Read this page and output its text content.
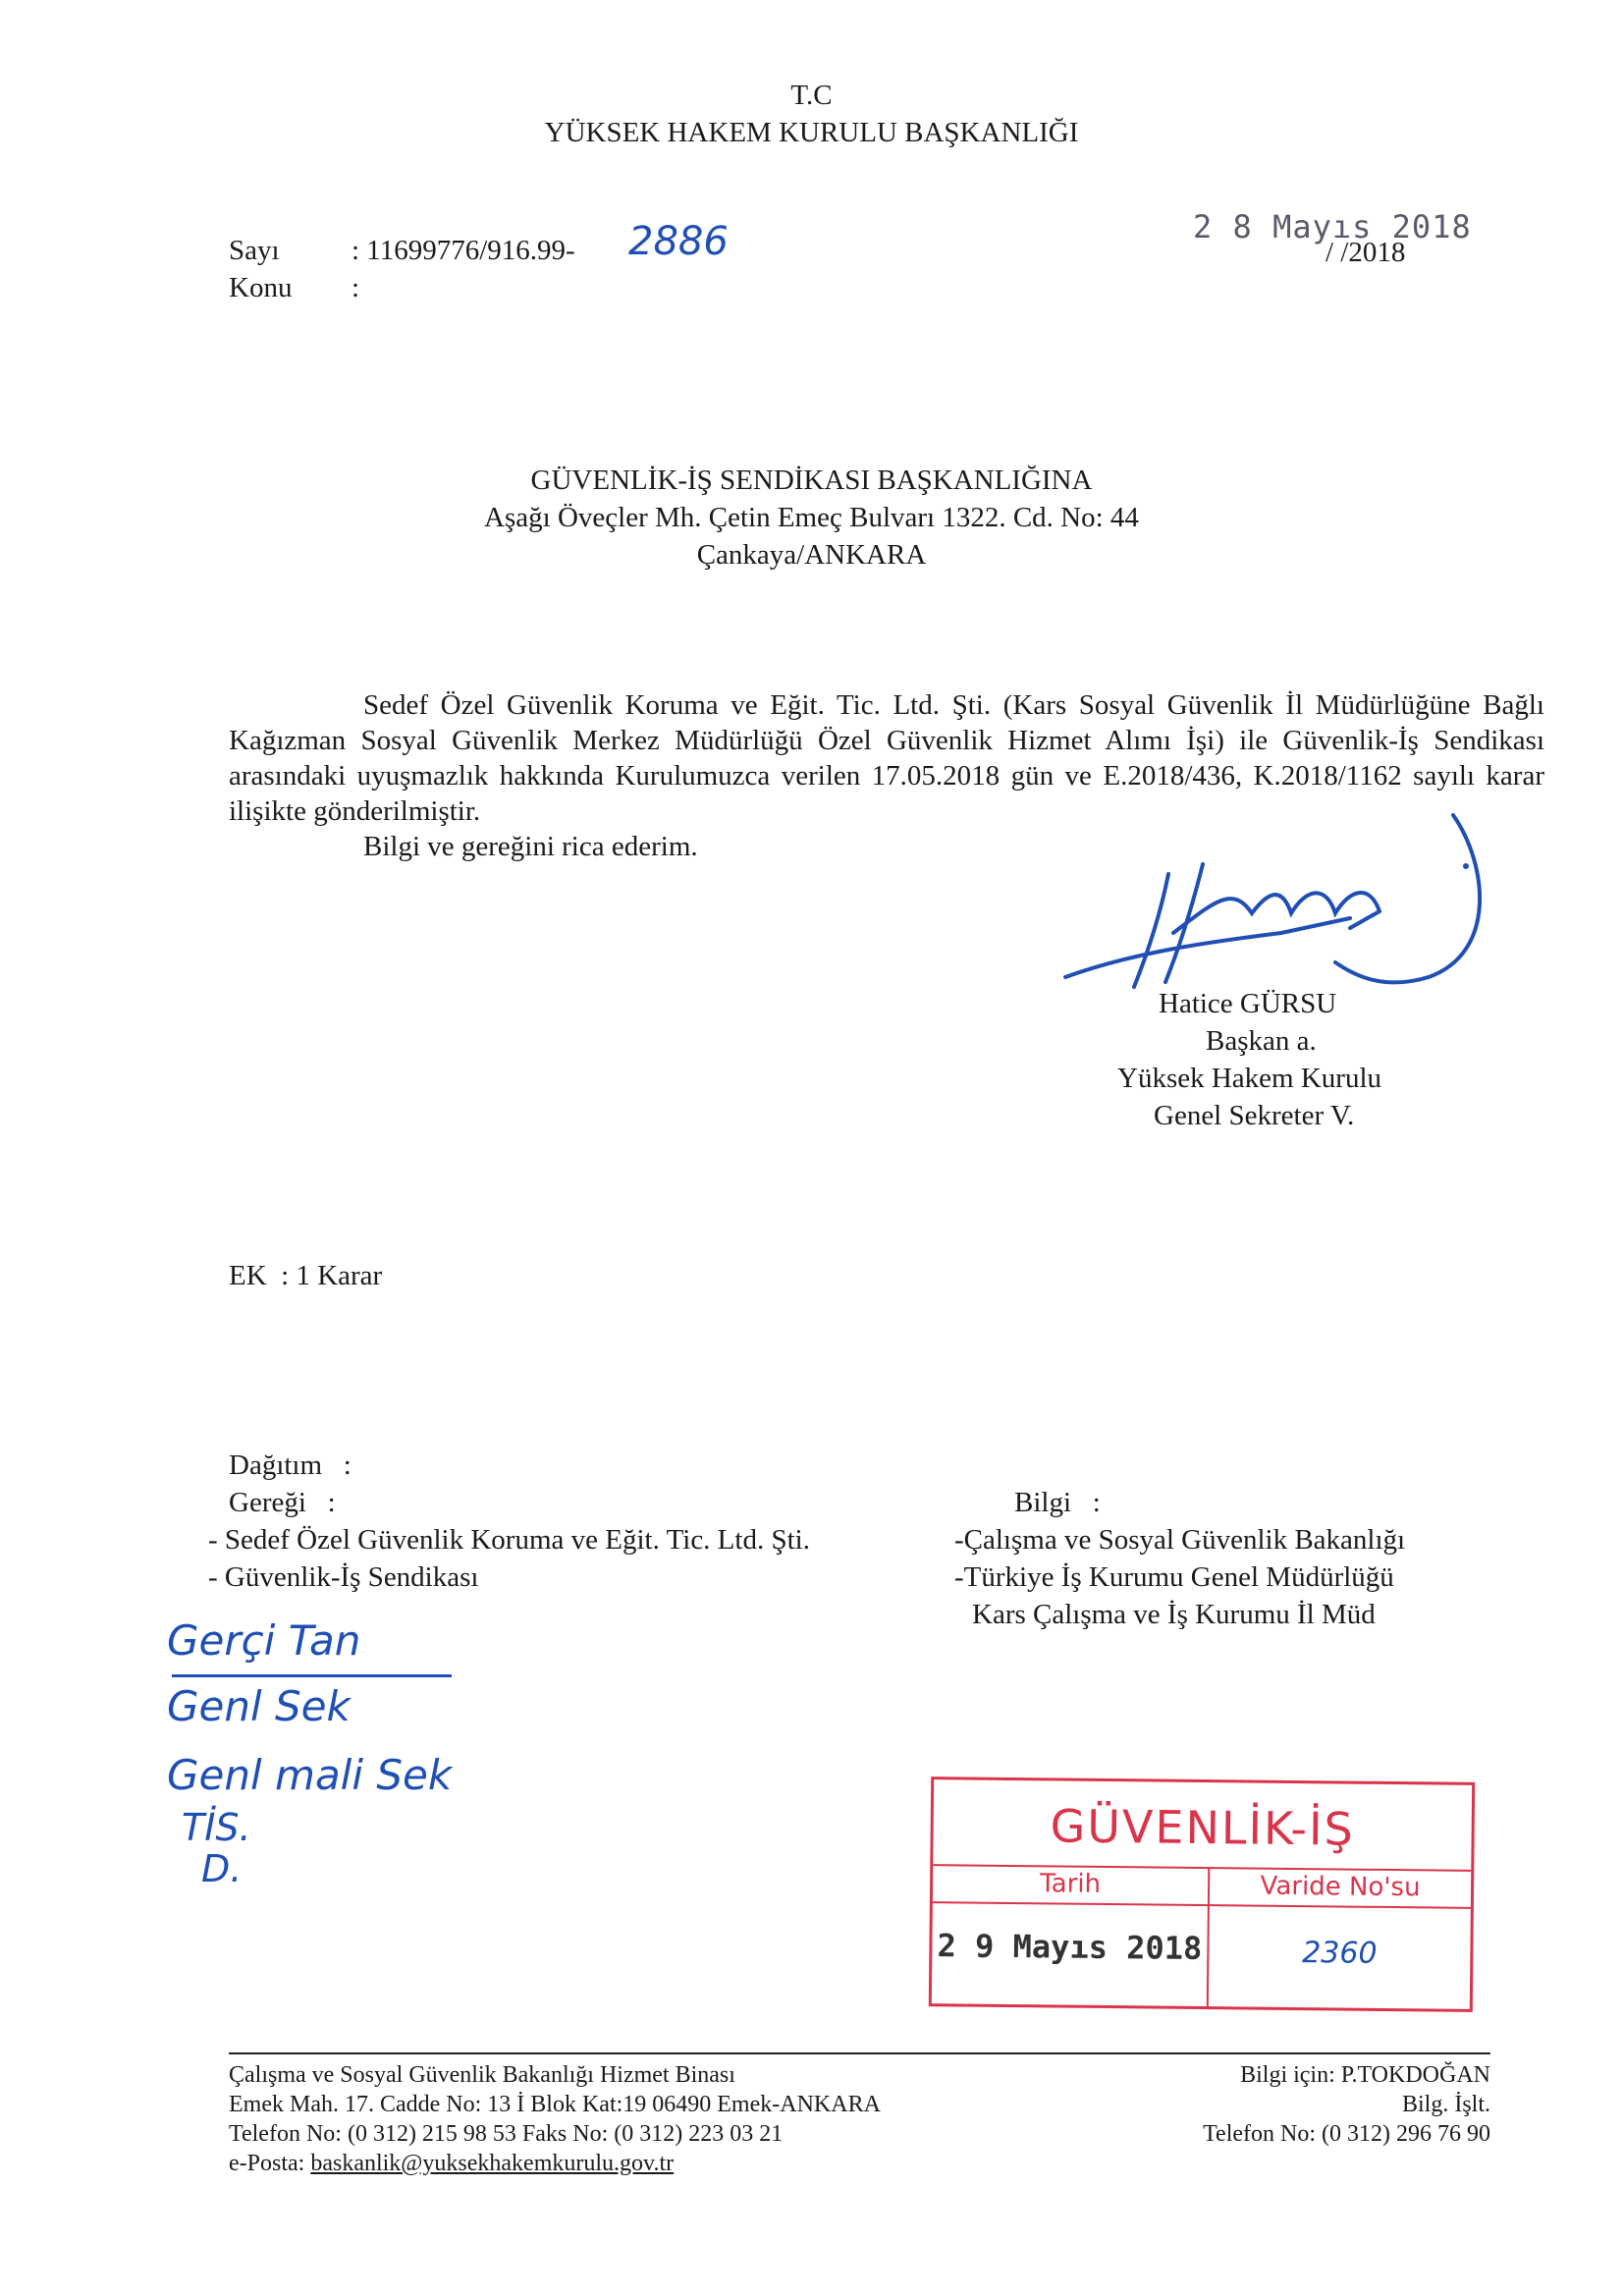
T.C
YÜKSEK HAKEM KURULU BAŞKANLIĞI
Sayı	: 11699776/916.99- 2886
Konu :
2 8 Mayıs 2018
/ /2018
GÜVENLİK-İŞ SENDİKASI BAŞKANLIĞINA
Aşağı Öveçler Mh. Çetin Emeç Bulvarı 1322. Cd. No: 44
Çankaya/ANKARA

Sedef Özel Güvenlik Koruma ve Eğit. Tic. Ltd. Şti. (Kars Sosyal Güvenlik İl Müdürlüğüne Bağlı Kağızman Sosyal Güvenlik Merkez Müdürlüğü Özel Güvenlik Hizmet Alımı İşi) ile Güvenlik-İş Sendikası arasındaki uyuşmazlık hakkında Kurulumuzca verilen 17.05.2018 gün ve E.2018/436, K.2018/1162 sayılı karar ilişikte gönderilmiştir.

Bilgi ve gereğini rica ederim.

Hatice GÜRSU
Başkan a.
Yüksek Hakem Kurulu
Genel Sekreter V.
EK  : 1 Karar
Dağıtım   :
Gereği   :
- Sedef Özel Güvenlik Koruma ve Eğit. Tic. Ltd. Şti.
- Güvenlik-İş Sendikası
Bilgi   :
-Çalışma ve Sosyal Güvenlik Bakanlığı
-Türkiye İş Kurumu Genel Müdürlüğü
Kars Çalışma ve İş Kurumu İl Müd
Gerçi Tan
Genl Sek
Genl mali Sek
TİS.
D.
GÜVENLİK-İŞ
Tarih	Varide No'su
2 9 Mayıs 2018	2360
Çalışma ve Sosyal Güvenlik Bakanlığı Hizmet Binası
Emek Mah. 17. Cadde No: 13 İ Blok Kat:19 06490 Emek-ANKARA
Telefon No: (0 312) 215 98 53 Faks No: (0 312) 223 03 21
e-Posta: baskanlik@yuksekhakemkurulu.gov.tr
Bilgi için: P.TOKDOĞAN
Bilg. İşlt.
Telefon No: (0 312) 296 76 90
